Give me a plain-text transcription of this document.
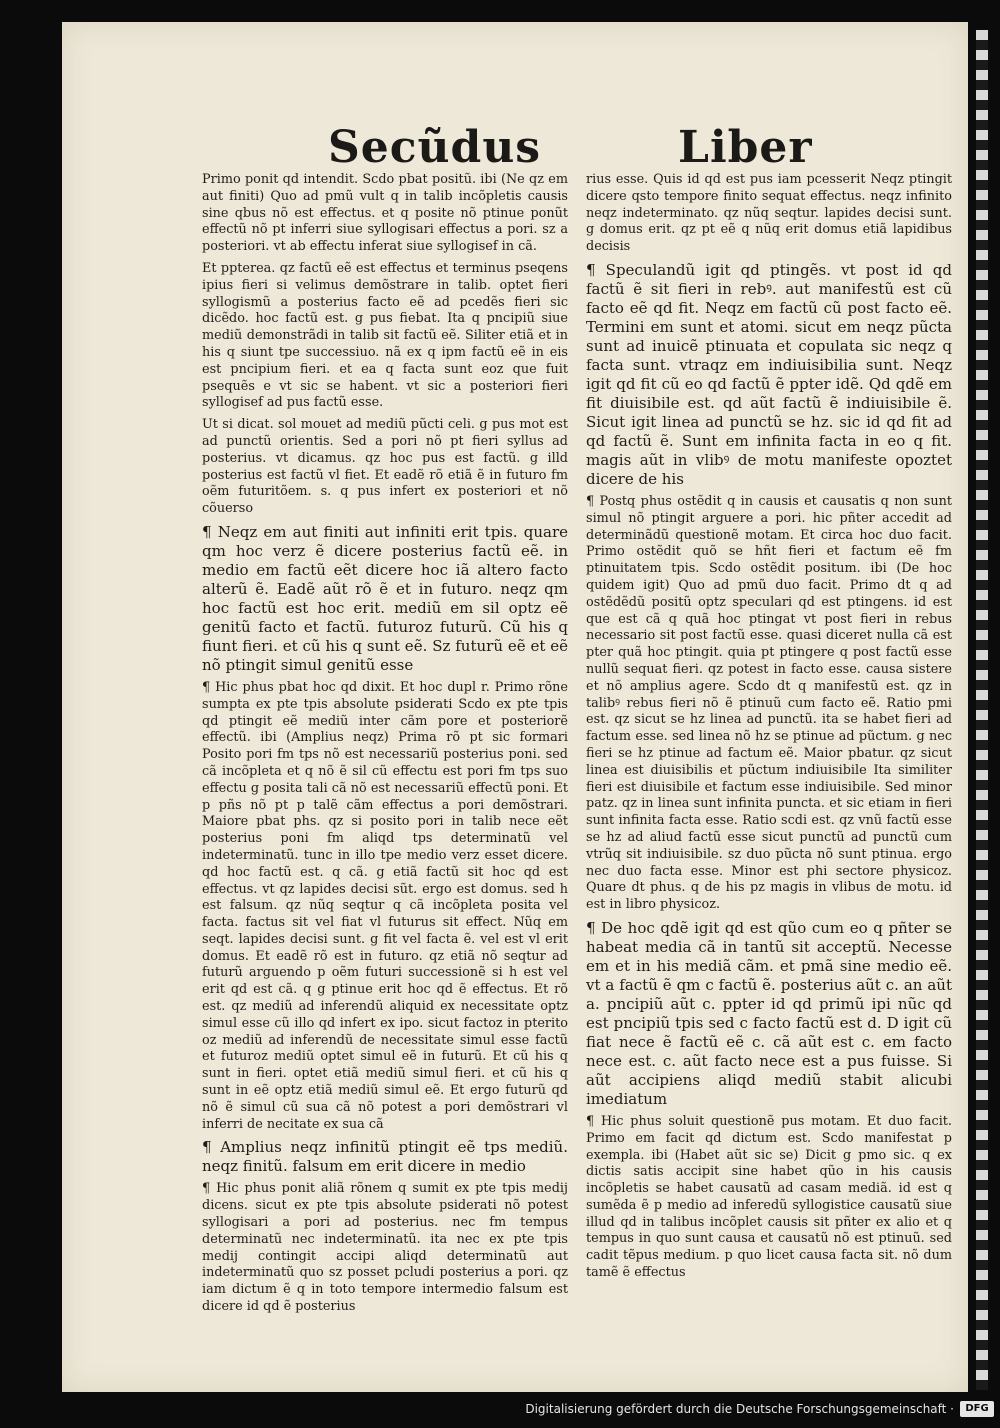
Secũdus	Liber

Primo ponit qd intendit. Scdo pbat positũ. ibi (Ne qz em aut finiti) Quo ad pmũ vult q in talib incõpletis causis sine qbus nõ est effectus. et q posite nõ ptinue ponũt effectũ nõ pt inferri siue syllogisari effectus a pori. sz a posteriori. vt ab effectu inferat siue syllogisef in cã.

Et ppterea. qz factũ eẽ est effectus et terminus pseqens ipius fieri si velimus demõstrare in talib. optet fieri syllogismũ a posterius facto eẽ ad pcedẽs fieri sic dicẽdo. hoc factũ est. g pus fiebat. Ita q pncipiũ siue mediũ demonstrãdi in talib sit factũ eẽ. Siliter etiã et in his q siunt tpe successiuo. nã ex q ipm factũ eẽ in eis est pncipium fieri. et ea q facta sunt eoz que fuit psequẽs e vt sic se habent. vt sic a posteriori fieri syllogisef ad pus factũ esse.

Ut si dicat. sol mouet ad mediũ pũcti celi. g pus mot est ad punctũ orientis. Sed a pori nõ pt fieri syllus ad posterius. vt dicamus. qz hoc pus est factũ. g illd posterius est factũ vl fiet. Et eadẽ rõ etiã ẽ in futuro fm oẽm futuritõem. s. q pus infert ex posteriori et nõ cõuerso

¶ Neqz em aut finiti aut infiniti erit tpis. quare qm hoc verz ẽ dicere posterius factũ eẽ. in medio em factũ eẽt dicere hoc iã altero facto alterũ ẽ. Eadẽ aũt rõ ẽ et in futuro. neqz qm hoc factũ est hoc erit. mediũ em sil optz eẽ genitũ facto et factũ. futuroz futurũ. Cũ his q fiunt fieri. et cũ his q sunt eẽ. Sz futurũ eẽ et eẽ nõ ptingit simul genitũ esse

¶ Hic phus pbat hoc qd dixit. Et hoc dupl r. Primo rõne sumpta ex pte tpis absolute psiderati Scdo ex pte tpis qd ptingit eẽ mediũ inter cãm pore et posteriorẽ effectũ. ibi (Amplius neqz) Prima rõ pt sic formari Posito pori fm tps nõ est necessariũ posterius poni. sed cã incõpleta et q nõ ẽ sil cũ effectu est pori fm tps suo effectu g posita tali cã nõ est necessariũ effectũ poni. Et p pñs nõ pt p talẽ cãm effectus a pori demõstrari. Maiore pbat phs. qz si posito pori in talib nece eẽt posterius poni fm aliqd tps determinatũ vel indeterminatũ. tunc in illo tpe medio verz esset dicere. qd hoc factũ est. q cã. g etiã factũ sit hoc qd est effectus. vt qz lapides decisi sũt. ergo est domus. sed h est falsum. qz nũq seqtur q cã incõpleta posita vel facta. factus sit vel fiat vl futurus sit effect. Nũq em seqt. lapides decisi sunt. g fit vel facta ẽ. vel est vl erit domus. Et eadẽ rõ est in futuro. qz etiã nõ seqtur ad futurũ arguendo p oẽm futuri successionẽ si h est vel erit qd est cã. q g ptinue erit hoc qd ẽ effectus. Et rõ est. qz mediũ ad inferendũ aliquid ex necessitate optz simul esse cũ illo qd infert ex ipo. sicut factoz in pterito oz mediũ ad inferendũ de necessitate simul esse factũ et futuroz mediũ optet simul eẽ in futurũ. Et cũ his q sunt in fieri. optet etiã mediũ simul fieri. et cũ his q sunt in eẽ optz etiã mediũ simul eẽ. Et ergo futurũ qd nõ ẽ simul cũ sua cã nõ potest a pori demõstrari vl inferri de necitate ex sua cã

¶ Amplius neqz infinitũ ptingit eẽ tps mediũ. neqz finitũ. falsum em erit dicere in medio

¶ Hic phus ponit aliã rõnem q sumit ex pte tpis medij dicens. sicut ex pte tpis absolute psiderati nõ potest syllogisari a pori ad posterius. nec fm tempus determinatũ nec indeterminatũ. ita nec ex pte tpis medij contingit accipi aliqd determinatũ aut indeterminatũ quo sz posset pcludi posterius a pori. qz iam dictum ẽ q in toto tempore intermedio falsum est dicere id qd ẽ posterius

rius esse. Quis id qd est pus iam pcesserit Neqz ptingit dicere qsto tempore finito sequat effectus. neqz infinito neqz indeterminato. qz nũq seqtur. lapides decisi sunt. g domus erit. qz pt eẽ q nũq erit domus etiã lapidibus decisis

¶ Speculandũ igit qd ptingẽs. vt post id qd factũ ẽ sit fieri in rebꝰ. aut manifestũ est cũ facto eẽ qd fit. Neqz em factũ cũ post facto eẽ. Termini em sunt et atomi. sicut em neqz pũcta sunt ad inuicẽ ptinuata et copulata sic neqz q facta sunt. vtraqz em indiuisibilia sunt. Neqz igit qd fit cũ eo qd factũ ẽ ppter idẽ. Qd qdẽ em fit diuisibile est. qd aũt factũ ẽ indiuisibile ẽ. Sicut igit linea ad punctũ se hz. sic id qd fit ad qd factũ ẽ. Sunt em infinita facta in eo q fit. magis aũt in vlibꝰ de motu manifeste opoztet dicere de his

¶ Postq phus ostẽdit q in causis et causatis q non sunt simul nõ ptingit arguere a pori. hic pñter accedit ad determinãdũ questionẽ motam. Et circa hoc duo facit. Primo ostẽdit quõ se hñt fieri et factum eẽ fm ptinuitatem tpis. Scdo ostẽdit positum. ibi (De hoc quidem igit) Quo ad pmũ duo facit. Primo dt q ad ostẽdẽdũ positũ optz speculari qd est ptingens. id est que est cã q quã hoc ptingat vt post fieri in rebus necessario sit post factũ esse. quasi diceret nulla cã est pter quã hoc ptingit. quia pt ptingere q post factũ esse nullũ sequat fieri. qz potest in facto esse. causa sistere et nõ amplius agere. Scdo dt q manifestũ est. qz in talibꝰ rebus fieri nõ ẽ ptinuũ cum facto eẽ. Ratio pmi est. qz sicut se hz linea ad punctũ. ita se habet fieri ad factum esse. sed linea nõ hz se ptinue ad pũctum. g nec fieri se hz ptinue ad factum eẽ. Maior pbatur. qz sicut linea est diuisibilis et pũctum indiuisibile Ita similiter fieri est diuisibile et factum esse indiuisibile. Sed minor patz. qz in linea sunt infinita puncta. et sic etiam in fieri sunt infinita facta esse. Ratio scdi est. qz vnũ factũ esse se hz ad aliud factũ esse sicut punctũ ad punctũ cum vtrũq sit indiuisibile. sz duo pũcta nõ sunt ptinua. ergo nec duo facta esse. Minor est phi sectore physicoz. Quare dt phus. q de his pz magis in vlibus de motu. id est in libro physicoz.

¶ De hoc qdẽ igit qd est qũo cum eo q pñter se habeat media cã in tantũ sit acceptũ. Necesse em et in his mediã cãm. et pmã sine medio eẽ. vt a factũ ẽ qm c factũ ẽ. posterius aũt c. an aũt a. pncipiũ aũt c. ppter id qd primũ ipi nũc qd est pncipiũ tpis sed c facto factũ est d. D igit cũ fiat nece ẽ factũ eẽ c. cã aũt est c. em facto nece est. c. aũt facto nece est a pus fuisse. Si aũt accipiens aliqd mediũ stabit alicubi imediatum

¶ Hic phus soluit questionẽ pus motam. Et duo facit. Primo em facit qd dictum est. Scdo manifestat p exempla. ibi (Habet aũt sic se) Dicit g pmo sic. q ex dictis satis accipit sine habet qũo in his causis incõpletis se habet causatũ ad casam mediã. id est q sumẽda ẽ p medio ad inferedũ syllogistice causatũ siue illud qd in talibus incõplet causis sit pñter ex alio et q tempus in quo sunt causa et causatũ nõ est ptinuũ. sed cadit tẽpus medium. p quo licet causa facta sit. nõ dum tamẽ ẽ effectus

Digitalisierung gefördert durch die Deutsche Forschungsgemeinschaft ·	DFG
